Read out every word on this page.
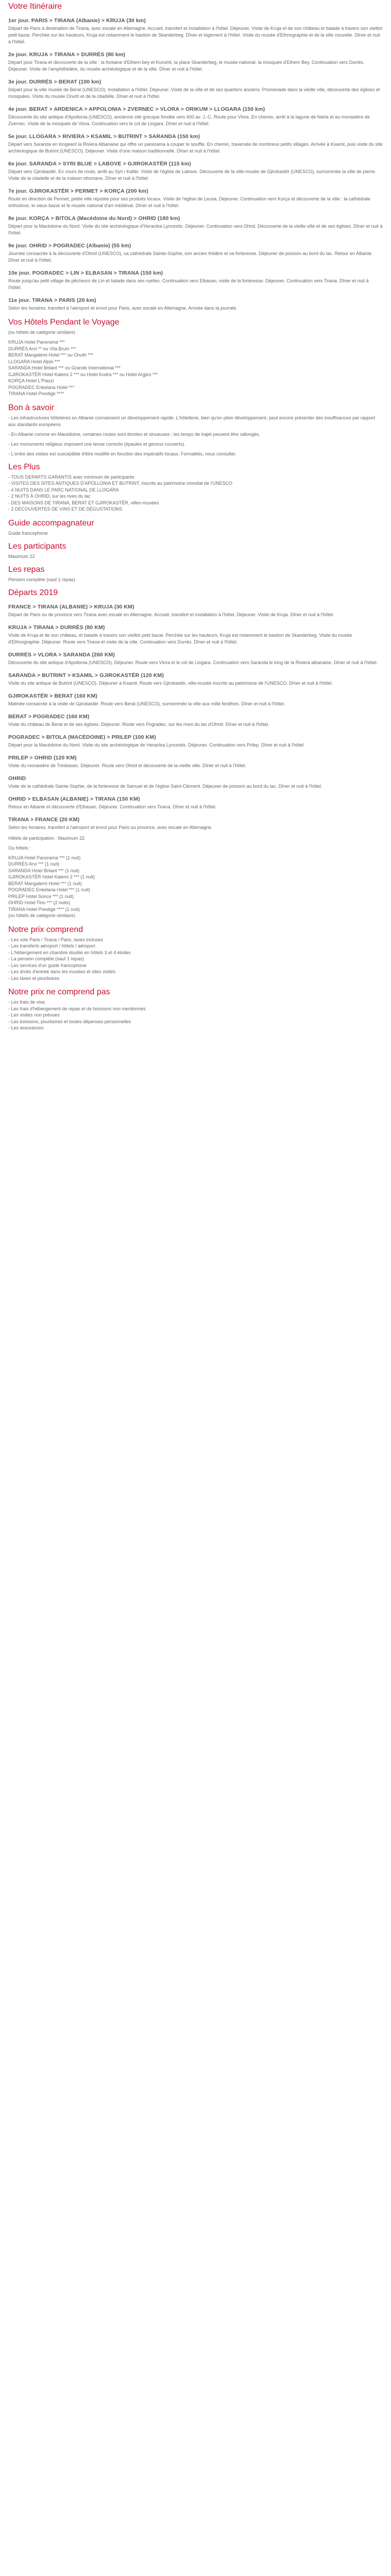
Votre Itinéraire
1er jour. PARIS > TIRANA (Albanie) > KRUJA (30 km)

Départ de Paris à destination de Tirana, avec escale en Allemagne. Accueil, transfert et installation à l'hôtel. Déjeuner. Visite de Kruja et de son château et balade à travers son vieillot petit bazar. Perchée sur les hauteurs, Kruja est notamment le bastion de Skanderbeg. Dîner et logement à l'hôtel. Visite du musée d'Ethnographie et de la ville nouvelle. Dîner et nuit à l'hôtel.

2e jour. KRUJA > TIRANA > DURRÈS (80 km)

Départ pour Tirana et découverte de la ville : la fontaine d'Ethem-bey et Kunshit, la place Skanderbeg, le musée national, la mosquée d'Ethem Bey. Continuation vers Durrès. Déjeuner. Visite de l'amphithéâtre, du musée archéologique et de la ville. Dîner et nuit à l'hôtel.

3e jour. DURRÈS > BERAT (100 km)

Départ pour la ville musée de Berat (UNESCO). Installation à l'hôtel. Déjeuner. Visite de la ville et de ses quartiers anciens. Promenade dans la vieille ville, découverte des églises et mosquées. Visite du musée Onufri et de la citadelle. Dîner et nuit à l'hôtel.

4e jour. BERAT > ARDENICA > APPOLONIA > ZVERNEC > VLORA > ORIKUM > LLOGARA (150 km)

Découverte du site antique d'Apollonia (UNESCO), ancienne cité grecque fondée vers 600 av. J.-C. Route pour Vlora. En chemin, arrêt à la lagune de Narta et au monastère de Zvernec. Visite de la mosquée de Vlora. Continuation vers le col de Llogara. Dîner et nuit à l'hôtel.

5e jour. LLOGARA > RIVIERA > KSAMIL > BUTRINT > SARANDA (150 km)

Départ vers Saranda en longeant la Riviera Albanaise qui offre un panorama à couper le souffle. En chemin, traversée de nombreux petits villages. Arrivée à Ksamil, puis visite du site archéologique de Butrint (UNESCO). Déjeuner. Visite d'une maison traditionnelle. Dîner et nuit à l'hôtel.

6e jour. SARANDA > SYRI BLUE > LABOVE > GJIROKASTËR (115 km)

Départ vers Gjirokastër. En cours de route, arrêt au Syri i Kaltër. Visite de l'église de Labove. Découverte de la ville-musée de Gjirokastër (UNESCO), surnommée la ville de pierre. Visite de la citadelle et de la maison ottomane. Dîner et nuit à l'hôtel.

7e jour. GJIROKASTËR > PERMET > KORÇA (200 km)

Route en direction de Permet, petite ville réputée pour ses produits locaux. Visite de l'église de Leusa. Déjeuner. Continuation vers Korça et découverte de la ville : la cathédrale orthodoxe, le vieux bazar et le musée national d'art médiéval. Dîner et nuit à l'hôtel.

8e jour. KORÇA > BITOLA (Macédoine du Nord) > OHRID (180 km)

Départ pour la Macédoine du Nord. Visite du site archéologique d'Heraclea Lyncestis. Déjeuner. Continuation vers Ohrid. Découverte de la vieille ville et de ses églises. Dîner et nuit à l'hôtel.

9e jour. OHRID > POGRADEC (Albanie) (55 km)

Journée consacrée à la découverte d'Ohrid (UNESCO), sa cathédrale Sainte-Sophie, son ancien théâtre et sa forteresse. Déjeuner de poisson au bord du lac. Retour en Albanie. Dîner et nuit à l'hôtel.

10e jour. POGRADEC > LIN > ELBASAN > TIRANA (150 km)

Route jusqu'au petit village de pêcheurs de Lin et balade dans ses ruelles. Continuation vers Elbasan, visite de la forteresse. Déjeuner. Continuation vers Tirana. Dîner et nuit à l'hôtel.

11e jour. TIRANA > PARIS (20 km)

Selon les horaires, transfert à l'aéroport et envol pour Paris, avec escale en Allemagne. Arrivée dans la journée.

Vos Hôtels Pendant le Voyage

(ou hôtels de catégorie similaire)

KRUJA Hotel Panorama ***
DURRÈS Arvi ** ou Vila Bruin ***
BERAT Mangalemi Hotel *** ou Onufri ***
LLOGARA Hotel Alpin ***
SARANDA Hotel Brilant *** ou Grande International ***
GJIROKASTËR Hotel Kalemi 2 *** ou Hotel Kodra *** ou Hotel Argjiro ***
KORÇA Hotel L'Piazzi
POGRADEC Enkelana Hotel ***
TIRANA Hotel Prestige ****
Bon à savoir

- Les infrastructures hôtelières en Albanie connaissent un développement rapide. L'hôtellerie, bien qu'en plein développement, peut encore présenter des insuffisances par rapport aux standards européens.

- En Albanie comme en Macédoine, certaines routes sont étroites et sinueuses ; les temps de trajet peuvent être rallongés.

- Les monuments religieux imposent une tenue correcte (épaules et genoux couverts).

- L'ordre des visites est susceptible d'être modifié en fonction des impératifs locaux. Formalités, nous consulter.

Les Plus
- TOUS DEPARTS GARANTIS avec minimum de participants
- VISITES DES SITES ANTIQUES D'APOLLONIA ET BUTRINT, inscrits au patrimoine mondial de l'UNESCO
- 4 NUITS DANS LE PARC NATIONAL DE LLOGARA
- 2 NUITS À OHRID, sur les rives du lac
- DES MAISONS DE TIRANA, BERAT ET GJIROKASTËR, villes-musées
- 2 DÉCOUVERTES DE VINS ET DE DÉGUSTATIONS
Guide accompagnateur

Guide francophone

Les participants

Maximum 22

Les repas

Pension complète (sauf 1 repas)

Départs 2019
FRANCE > TIRANA (ALBANIE) > KRUJA (30 KM)

Départ de Paris ou de province vers Tirana avec escale en Allemagne. Accueil, transfert et installation à l'hôtel. Déjeuner. Visite de Kruja. Dîner et nuit à l'hôtel.

KRUJA > TIRANA > DURRÈS (80 KM)

Visite de Kruja et de son château, et balade à travers son vieillot petit bazar. Perchée sur les hauteurs, Kruja est notamment le bastion de Skanderbeg. Visite du musée d'Ethnographie. Déjeuner. Route vers Tirana et visite de la ville. Continuation vers Durrès. Dîner et nuit à l'hôtel.

DURRÈS > VLORA > SARANDA (260 KM)

Découverte du site antique d'Apollonia (UNESCO). Déjeuner. Route vers Vlora et le col de Llogara. Continuation vers Saranda le long de la Riviera albanaise. Dîner et nuit à l'hôtel.

SARANDA > BUTRINT > KSAMIL > GJIROKASTËR (120 KM)

Visite du site antique de Butrint (UNESCO). Déjeuner à Ksamil. Route vers Gjirokastër, ville-musée inscrite au patrimoine de l'UNESCO. Dîner et nuit à l'hôtel.

GJIROKASTËR > BERAT (160 KM)

Matinée consacrée à la visite de Gjirokastër. Route vers Berat (UNESCO), surnommée la ville aux mille fenêtres. Dîner et nuit à l'hôtel.

BERAT > POGRADEC (160 KM)

Visite du château de Berat et de ses églises. Déjeuner. Route vers Pogradec, sur les rives du lac d'Ohrid. Dîner et nuit à l'hôtel.

POGRADEC > BITOLA (MACÉDOINE) > PRILEP (100 KM)

Départ pour la Macédoine du Nord. Visite du site archéologique de Heraclea Lyncestis. Déjeuner. Continuation vers Prilep. Dîner et nuit à l'hôtel.

PRILEP > OHRID (120 KM)

Visite du monastère de Treskavec. Déjeuner. Route vers Ohrid et découverte de la vieille ville. Dîner et nuit à l'hôtel.

OHRID

Visite de la cathédrale Sainte-Sophie, de la forteresse de Samuel et de l'église Saint-Clément. Déjeuner de poisson au bord du lac. Dîner et nuit à l'hôtel.

OHRID > ELBASAN (ALBANIE) > TIRANA (150 KM)

Retour en Albanie et découverte d'Elbasan. Déjeuner. Continuation vers Tirana. Dîner et nuit à l'hôtel.

TIRANA > FRANCE (20 KM)

Selon les horaires, transfert à l'aéroport et envol pour Paris ou province, avec escale en Allemagne.

Hôtels de participation : Maximum 22

Ou hôtels :

KRUJA Hotel Panorama *** (1 nuit)
DURRÈS Arvi *** (1 nuit)
SARANDA Hotel Brilant *** (1 nuit)
GJIROKASTËR Hotel Kalemi 2 *** (1 nuit)
BERAT Mangalemi Hotel *** (1 nuit)
POGRADEC Enkelana Hotel *** (1 nuit)
PRILEP Hotel Sonce *** (1 nuit)
OHRID Hotel Tino *** (2 nuits)
TIRANA Hotel Prestige **** (1 nuit)
(ou hôtels de catégorie similaire)
Notre prix comprend
- Les vols Paris / Tirana / Paris, taxes incluses
- Les transferts aéroport / hôtels / aéroport
- L'hébergement en chambre double en hôtels 3 et 4 étoiles
- La pension complète (sauf 1 repas)
- Les services d'un guide francophone
- Les droits d'entrée dans les musées et sites visités
- Les taxes et pourboires
Notre prix ne comprend pas
- Les frais de visa
- Les frais d'hébergement de repas et de boissons non mentionnés
- Les visites non prévues
- Les boissons, pourboires et toutes dépenses personnelles
- Les assurances
